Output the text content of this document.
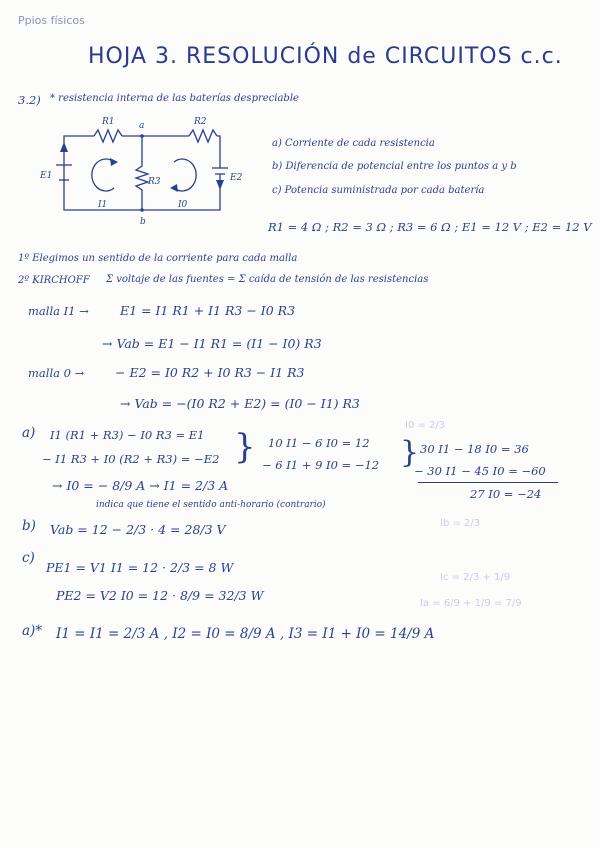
I0 = 2/3
Ib = 2/3
Ic = 2/3 + 1/9
Ia = 6/9 + 1/9 = 7/9
Ppios físicos
HOJA 3. RESOLUCIÓN de CIRCUITOS c.c.
3.2) * resistencia interna de las baterías despreciable
R1	R2
R3
a
b
E1	E2
I1	I0
a) Corriente de cada resistencia
b) Diferencia de potencial entre los puntos a y b
c) Potencia suministrada por cada batería
R1 = 4 Ω ; R2 = 3 Ω ; R3 = 6 Ω ; E1 = 12 V ; E2 = 12 V
1º Elegimos un sentido de la corriente para cada malla
2º KIRCHOFF Σ voltaje de las fuentes = Σ caída de tensión de las resistencias
malla I1 → E1 = I1 R1 + I1 R3 − I0 R3
→ Vab = E1 − I1 R1 = (I1 − I0) R3
malla 0 → − E2 = I0 R2 + I0 R3 − I1 R3
→ Vab = −(I0 R2 + E2) = (I0 − I1) R3
a) I1 (R1 + R3) − I0 R3 = E1
− I1 R3 + I0 (R2 + R3) = −E2 } 10 I1 − 6 I0 = 12
− 6 I1 + 9 I0 = −12 } 30 I1 − 18 I0 = 36
− 30 I1 − 45 I0 = −60
27 I0 = −24
→ I0 = − 8/9 A → I1 = 2/3 A
indica que tiene el sentido anti-horario (contrario)
b) Vab = 12 − 2/3 · 4 = 28/3 V
c)
PE1 = V1 I1 = 12 · 2/3 = 8 W
PE2 = V2 I0 = 12 · 8/9 = 32/3 W
a)* I1 = I1 = 2/3 A , I2 = I0 = 8/9 A , I3 = I1 + I0 = 14/9 A
